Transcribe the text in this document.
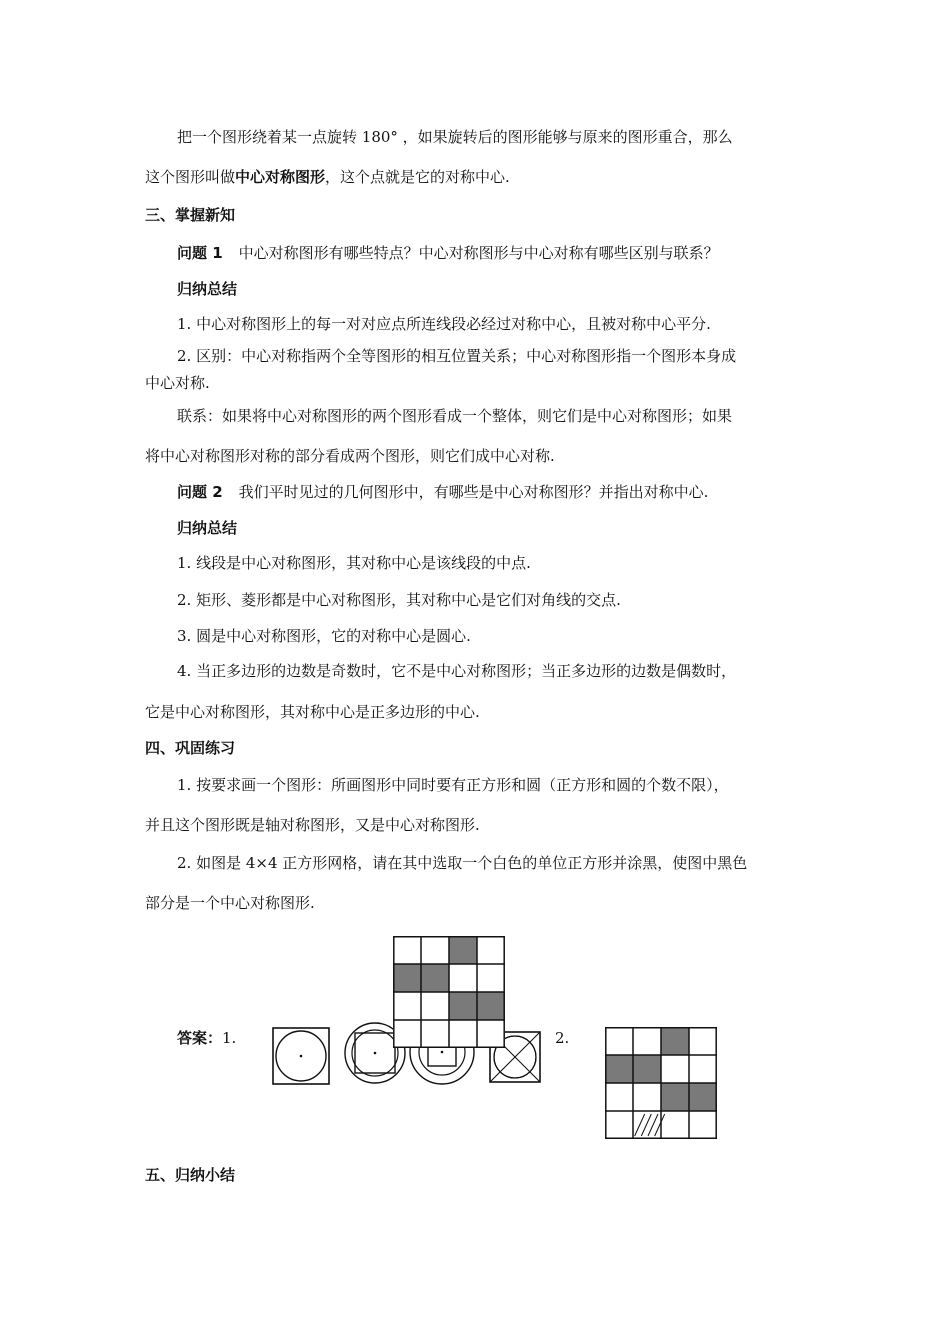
把一个图形绕着某一点旋转 180° ，如果旋转后的图形能够与原来的图形重合，那么
这个图形叫做中心对称图形，这个点就是它的对称中心.
三、掌握新知
问题 1 中心对称图形有哪些特点？中心对称图形与中心对称有哪些区别与联系？
归纳总结
1. 中心对称图形上的每一对对应点所连线段必经过对称中心，且被对称中心平分.
2. 区别：中心对称指两个全等图形的相互位置关系；中心对称图形指一个图形本身成
中心对称.
联系：如果将中心对称图形的两个图形看成一个整体，则它们是中心对称图形；如果
将中心对称图形对称的部分看成两个图形，则它们成中心对称.
问题 2 我们平时见过的几何图形中，有哪些是中心对称图形？并指出对称中心.
归纳总结
1. 线段是中心对称图形，其对称中心是该线段的中点.
2. 矩形、菱形都是中心对称图形，其对称中心是它们对角线的交点.
3. 圆是中心对称图形，它的对称中心是圆心.
4. 当正多边形的边数是奇数时，它不是中心对称图形；当正多边形的边数是偶数时，
它是中心对称图形，其对称中心是正多边形的中心.
四、巩固练习
1. 按要求画一个图形：所画图形中同时要有正方形和圆（正方形和圆的个数不限），
并且这个图形既是轴对称图形，又是中心对称图形.
2. 如图是 4×4 正方形网格，请在其中选取一个白色的单位正方形并涂黑，使图中黑色
部分是一个中心对称图形.
答案：1.	2.
五、归纳小结
